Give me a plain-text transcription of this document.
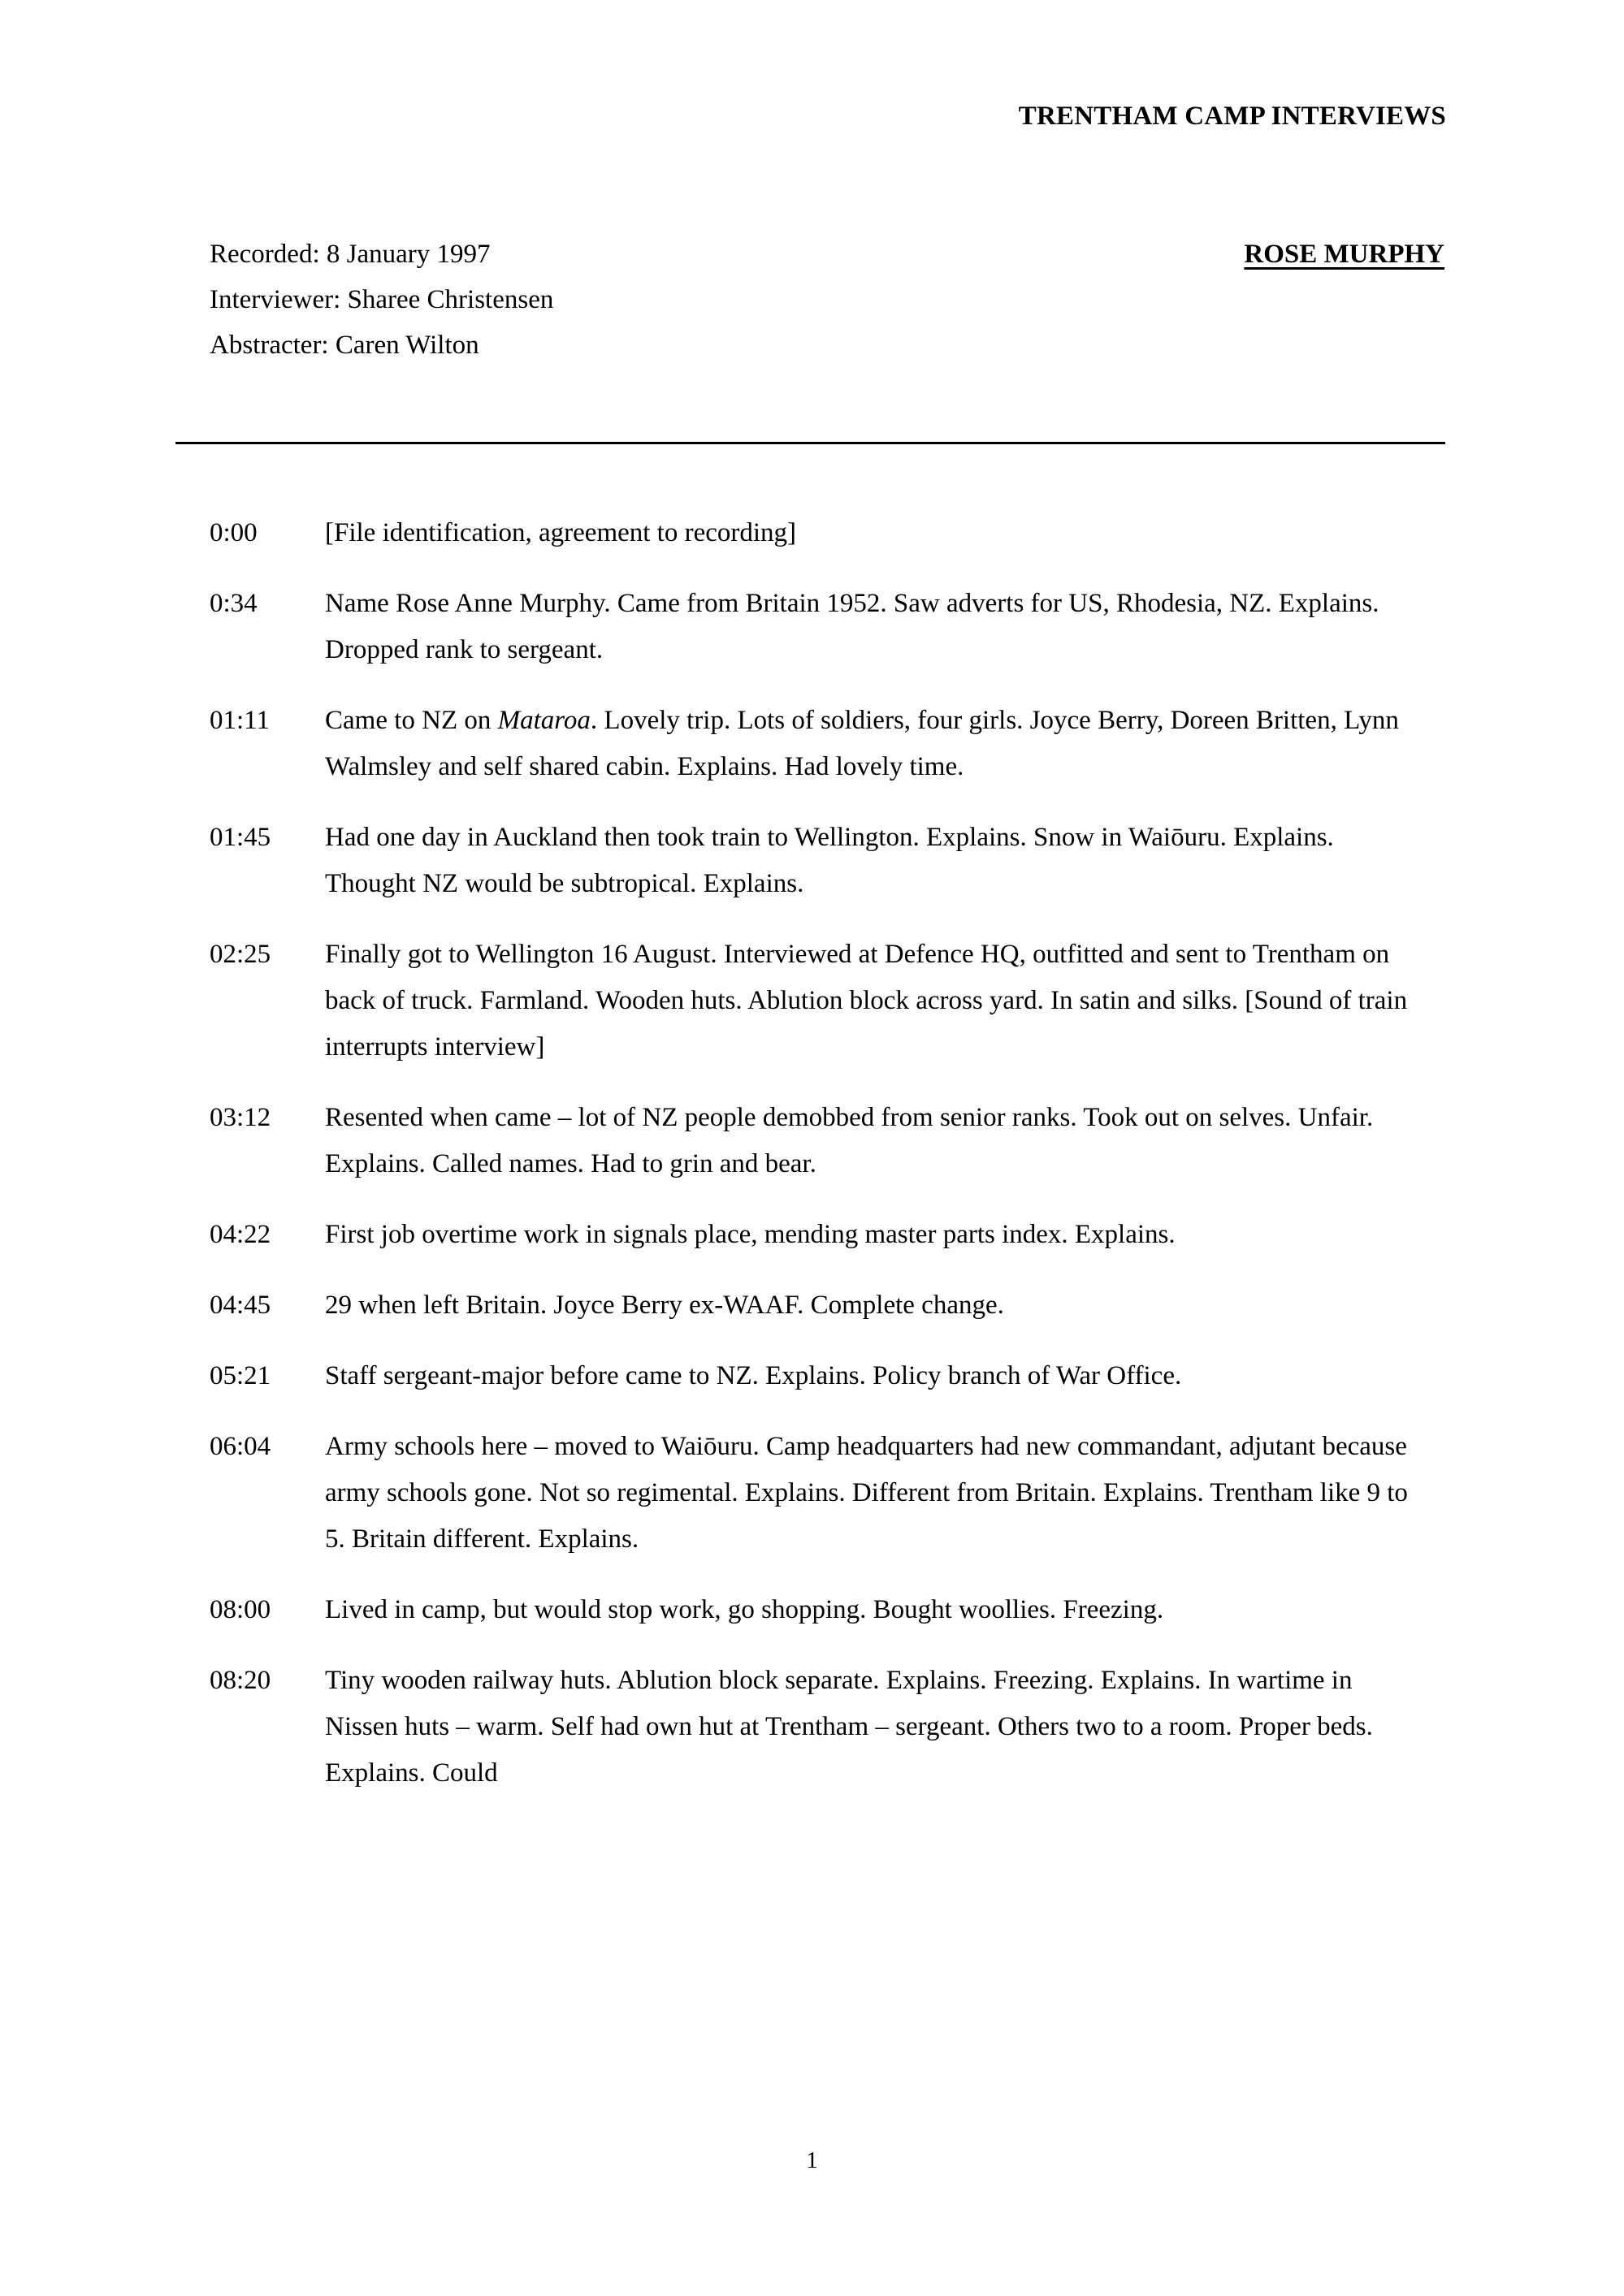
TRENTHAM CAMP INTERVIEWS
Recorded: 8 January 1997
Interviewer: Sharee Christensen
Abstracter: Caren Wilton
ROSE MURPHY
0:00	[File identification, agreement to recording]
0:34	Name Rose Anne Murphy. Came from Britain 1952. Saw adverts for US, Rhodesia, NZ. Explains. Dropped rank to sergeant.
01:11	Came to NZ on Mataroa. Lovely trip. Lots of soldiers, four girls. Joyce Berry, Doreen Britten, Lynn Walmsley and self shared cabin. Explains. Had lovely time.
01:45	Had one day in Auckland then took train to Wellington. Explains. Snow in Waiōuru. Explains. Thought NZ would be subtropical. Explains.
02:25	Finally got to Wellington 16 August. Interviewed at Defence HQ, outfitted and sent to Trentham on back of truck. Farmland. Wooden huts. Ablution block across yard. In satin and silks. [Sound of train interrupts interview]
03:12	Resented when came – lot of NZ people demobbed from senior ranks. Took out on selves. Unfair. Explains. Called names. Had to grin and bear.
04:22	First job overtime work in signals place, mending master parts index. Explains.
04:45	29 when left Britain. Joyce Berry ex-WAAF. Complete change.
05:21	Staff sergeant-major before came to NZ. Explains. Policy branch of War Office.
06:04	Army schools here – moved to Waiōuru. Camp headquarters had new commandant, adjutant because army schools gone. Not so regimental. Explains. Different from Britain. Explains. Trentham like 9 to 5. Britain different. Explains.
08:00	Lived in camp, but would stop work, go shopping. Bought woollies. Freezing.
08:20	Tiny wooden railway huts. Ablution block separate. Explains. Freezing. Explains. In wartime in Nissen huts – warm. Self had own hut at Trentham – sergeant. Others two to a room. Proper beds. Explains. Could
1
